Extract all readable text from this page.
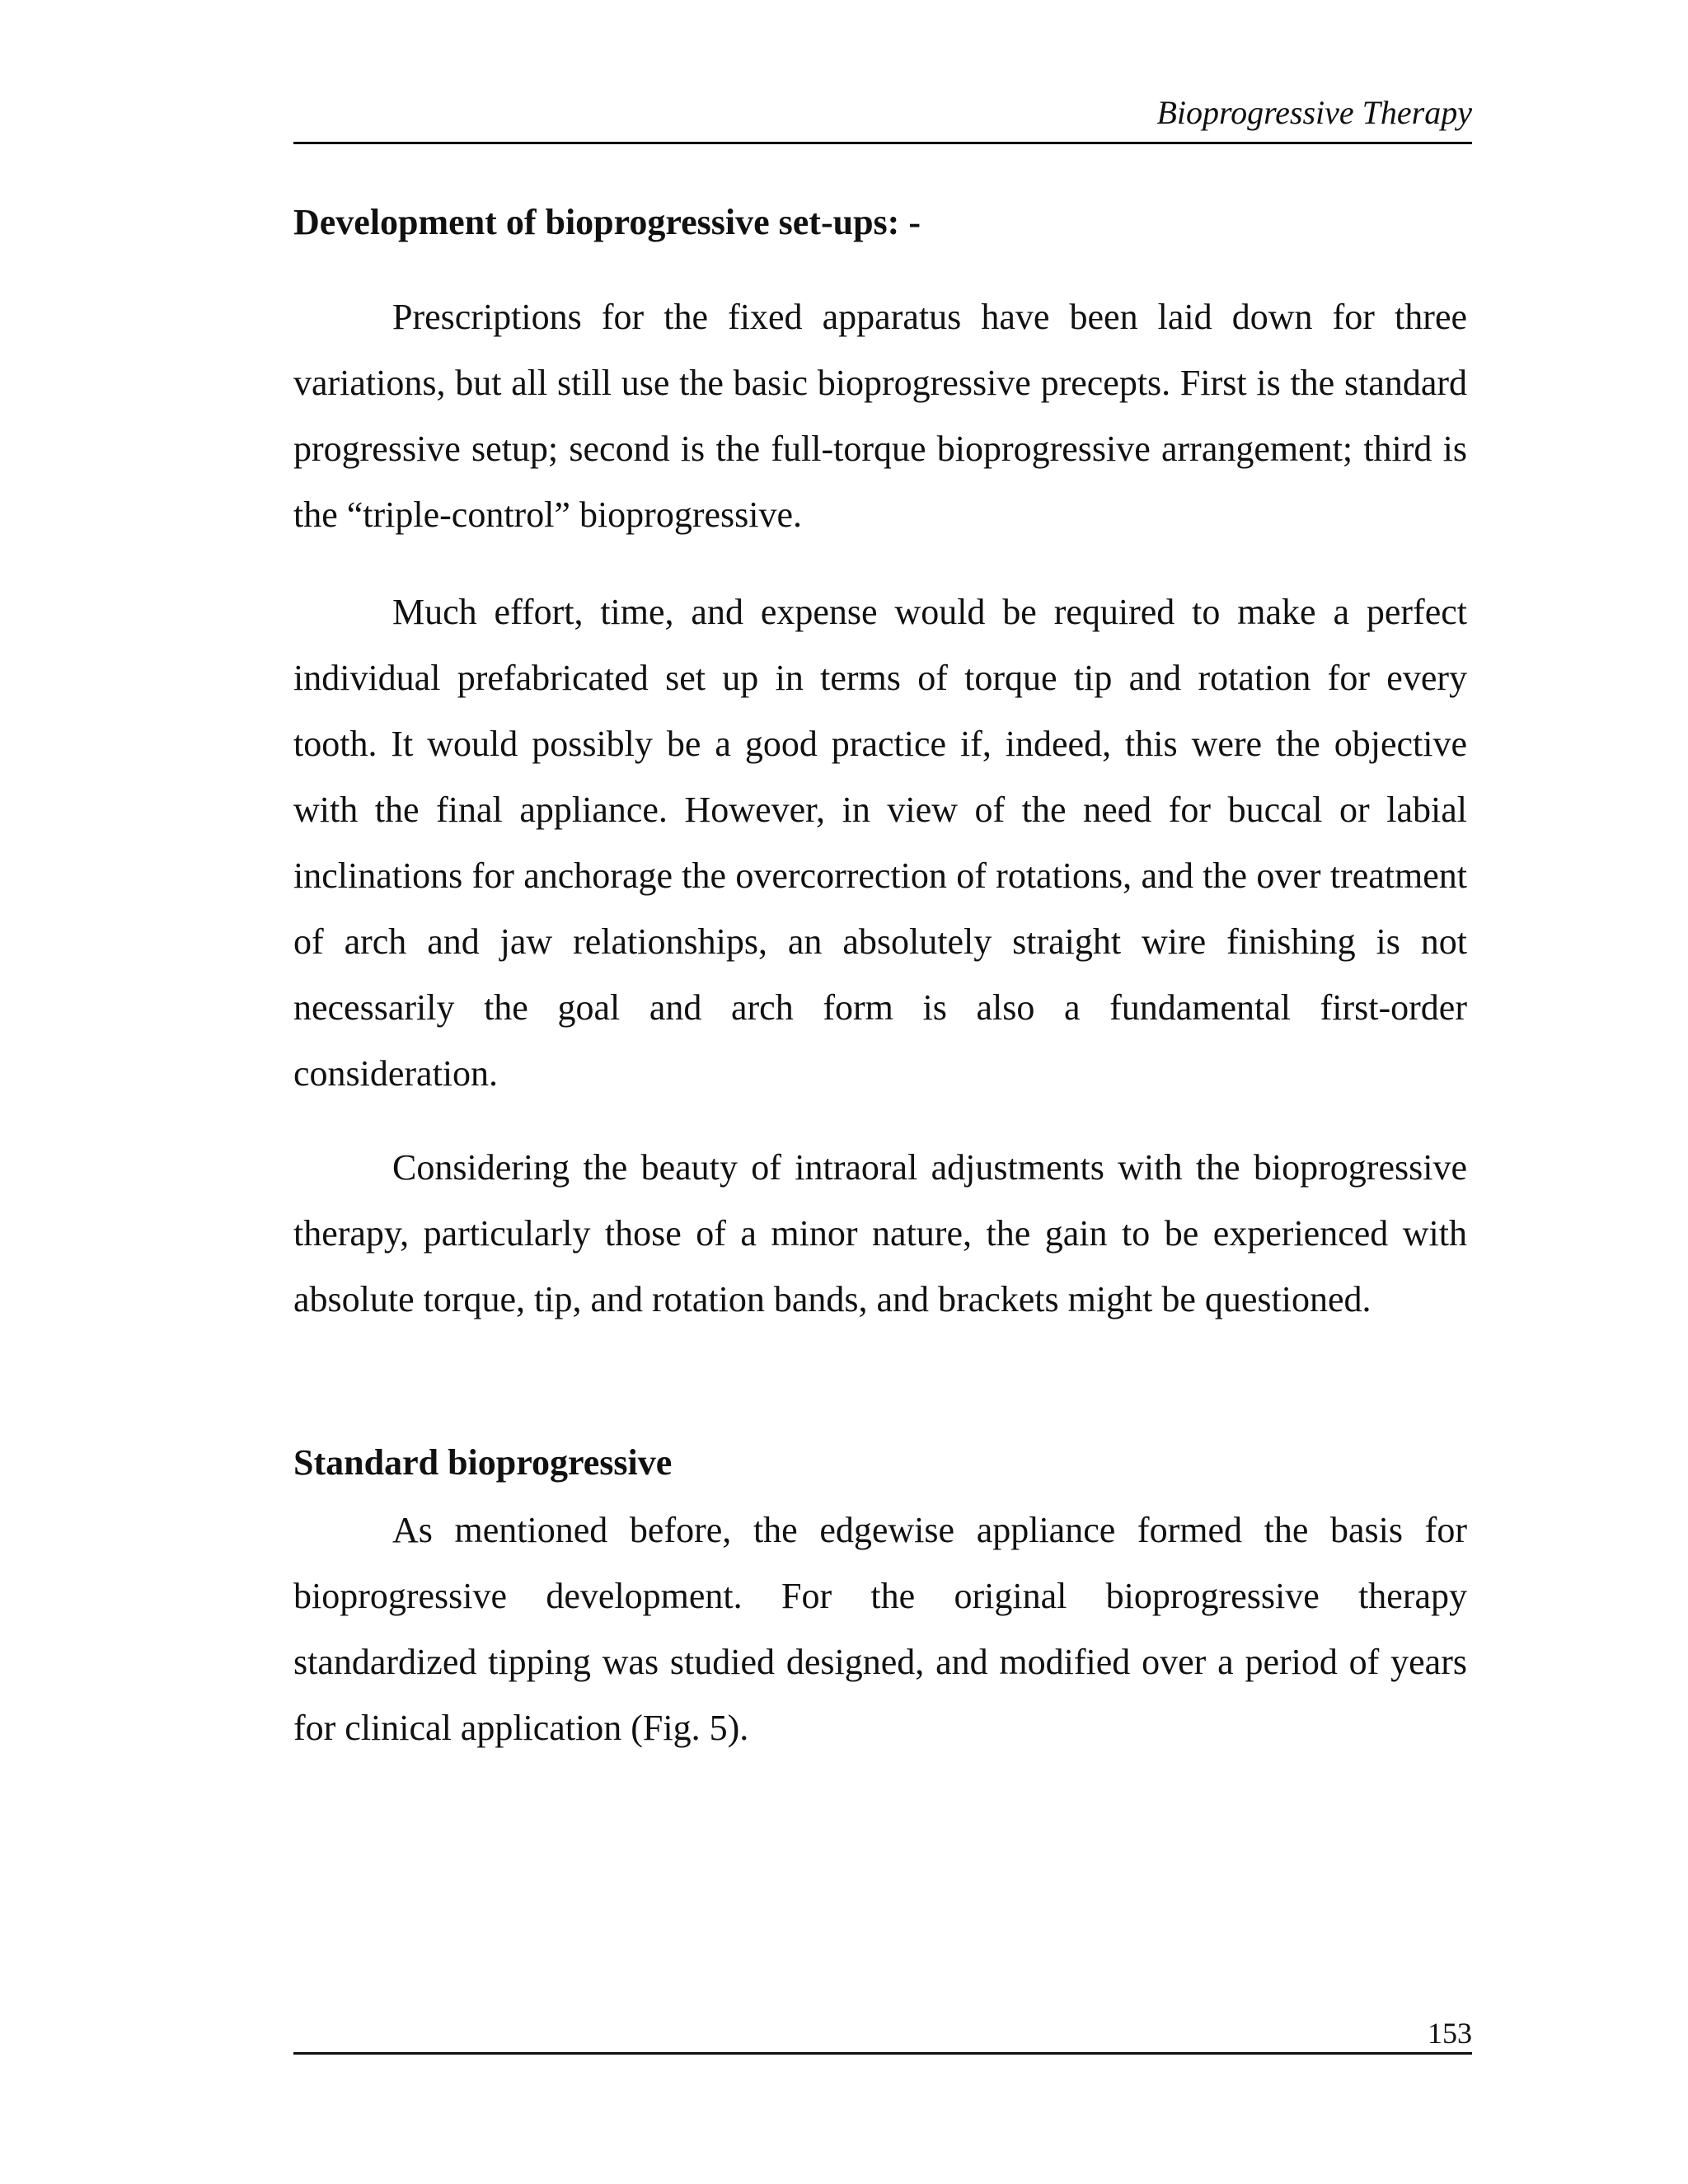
Bioprogressive Therapy
Development of bioprogressive set-ups: -

Prescriptions for the fixed apparatus have been laid down for three variations, but all still use the basic bioprogressive precepts. First is the standard progressive setup; second is the full-torque bioprogressive arrangement; third is the “triple-control” bioprogressive.

Much effort, time, and expense would be required to make a perfect individual prefabricated set up in terms of torque tip and rotation for every tooth. It would possibly be a good practice if, indeed, this were the objective with the final appliance. However, in view of the need for buccal or labial inclinations for anchorage the overcorrection of rotations, and the over treatment of arch and jaw relationships, an absolutely straight wire finishing is not necessarily the goal and arch form is also a fundamental first-order consideration.

Considering the beauty of intraoral adjustments with the bioprogressive therapy, particularly those of a minor nature, the gain to be experienced with absolute torque, tip, and rotation bands, and brackets might be questioned.

Standard bioprogressive

As mentioned before, the edgewise appliance formed the basis for bioprogressive development. For the original bioprogressive therapy standardized tipping was studied designed, and modified over a period of years for clinical application (Fig. 5).

153
